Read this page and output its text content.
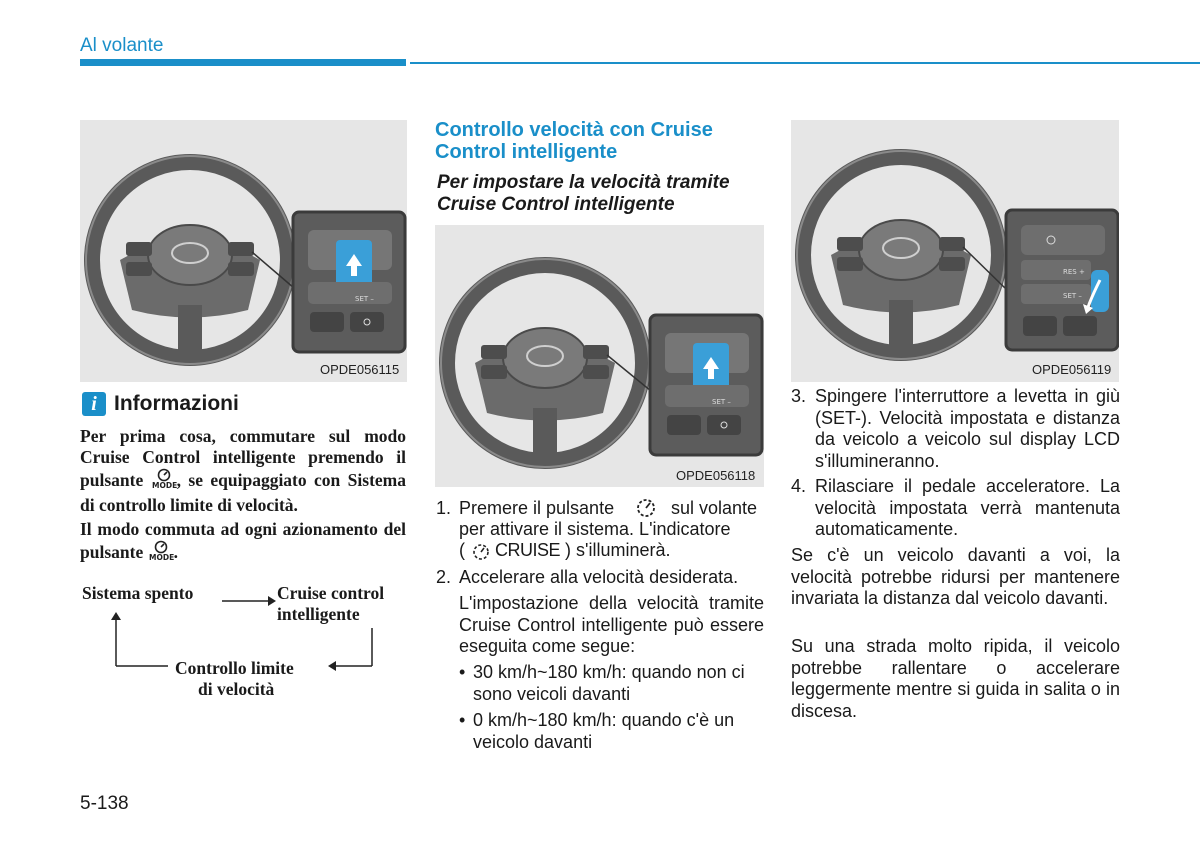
Al volante
SET –
OPDE056115
i Informazioni
Per prima cosa, commutare sul modo Cruise Control intelligente premendo il pulsante MODE , se equipaggiato con Sistema di controllo limite di velocità.
Il modo commuta ad ogni azionamento del pulsante MODE .
Sistema spento	Cruise control
intelligente
Controllo limite
di velocità
Controllo velocità con Cruise
Control intelligente
Per impostare la velocità tramite
Cruise Control intelligente
SET –
OPDE056118
1. Premere il pulsante	sul volante
per attivare il sistema. L'indicatore
( CRUISE ) s'illuminerà.
2. Accelerare alla velocità desiderata.
L'impostazione della velocità tramite Cruise Control intelligente può essere eseguita come segue:
• 30 km/h~180 km/h: quando non ci sono veicoli davanti
• 0 km/h~180 km/h: quando c'è un veicolo davanti
RES +
SET –
OPDE056119
3. Spingere l'interruttore a levetta in giù (SET-). Velocità impostata e distanza da veicolo a veicolo sul display LCD s'illumineranno.
4. Rilasciare il pedale acceleratore. La velocità impostata verrà mantenuta automaticamente.
Se c'è un veicolo davanti a voi, la velocità potrebbe ridursi per mantenere invariata la distanza dal veicolo davanti.
Su una strada molto ripida, il veicolo potrebbe rallentare o accelerare leggermente mentre si guida in salita o in discesa.
5-138
